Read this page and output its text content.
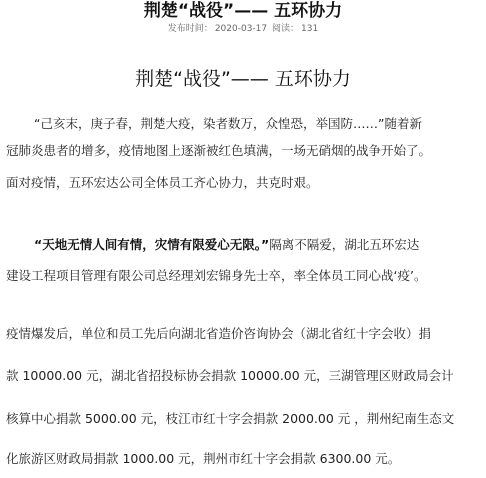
荆楚“战役”—— 五环协力
发布时间： 2020-03-17 阅读： 131
荆楚“战役”—— 五环协力
“己亥末，庚子春，荆楚大疫，染者数万，众惶恐，举国防……”随着新
冠肺炎患者的增多，疫情地图上逐渐被红色填满，一场无硝烟的战争开始了。
面对疫情，五环宏达公司全体员工齐心协力，共克时艰。
“天地无情人间有情，灾情有限爱心无限。”隔离不隔爱，湖北五环宏达
建设工程项目管理有限公司总经理刘宏锦身先士卒，率全体员工同心战‘疫’。
疫情爆发后，单位和员工先后向湖北省造价咨询协会（湖北省红十字会收）捐
款 10000.00 元，湖北省招投标协会捐款 10000.00 元，三湖管理区财政局会计
核算中心捐款 5000.00 元，枝江市红十字会捐款 2000.00 元 ，荆州纪南生态文
化旅游区财政局捐款 1000.00 元，荆州市红十字会捐款 6300.00 元。
